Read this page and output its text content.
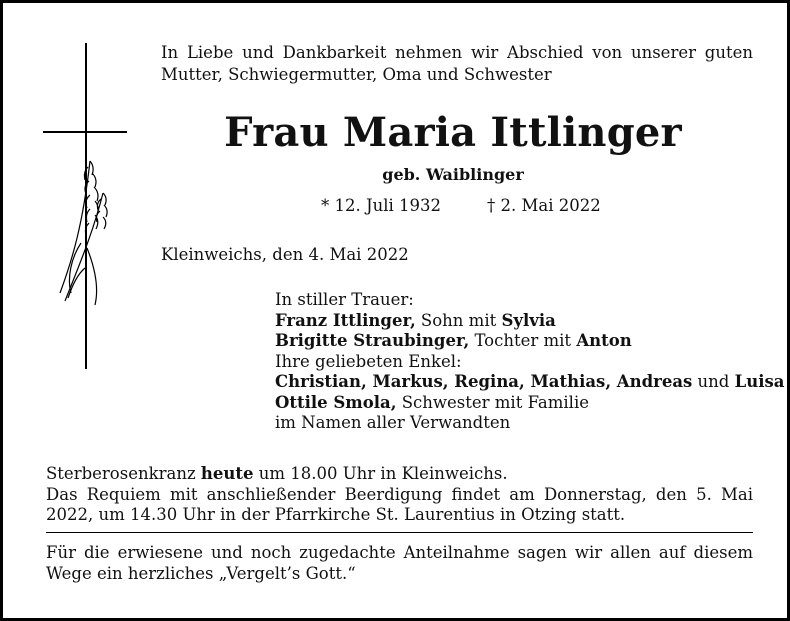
In Liebe und Dankbarkeit nehmen wir Abschied von unserer guten
Mutter, Schwiegermutter, Oma und Schwester
Frau Maria Ittlinger
geb. Waiblinger
* 12. Juli 1932	† 2. Mai 2022
Kleinweichs, den 4. Mai 2022
In stiller Trauer:
Franz Ittlinger, Sohn mit Sylvia
Brigitte Straubinger, Tochter mit Anton
Ihre geliebeten Enkel:
Christian, Markus, Regina, Mathias, Andreas und Luisa
Ottile Smola, Schwester mit Familie
im Namen aller Verwandten
Sterberosenkranz heute um 18.00 Uhr in Kleinweichs.
Das Requiem mit anschließender Beerdigung findet am Donnerstag, den 5. Mai
2022, um 14.30 Uhr in der Pfarrkirche St. Laurentius in Otzing statt.
Für die erwiesene und noch zugedachte Anteilnahme sagen wir allen auf diesem
Wege ein herzliches „Vergelt’s Gott.“
